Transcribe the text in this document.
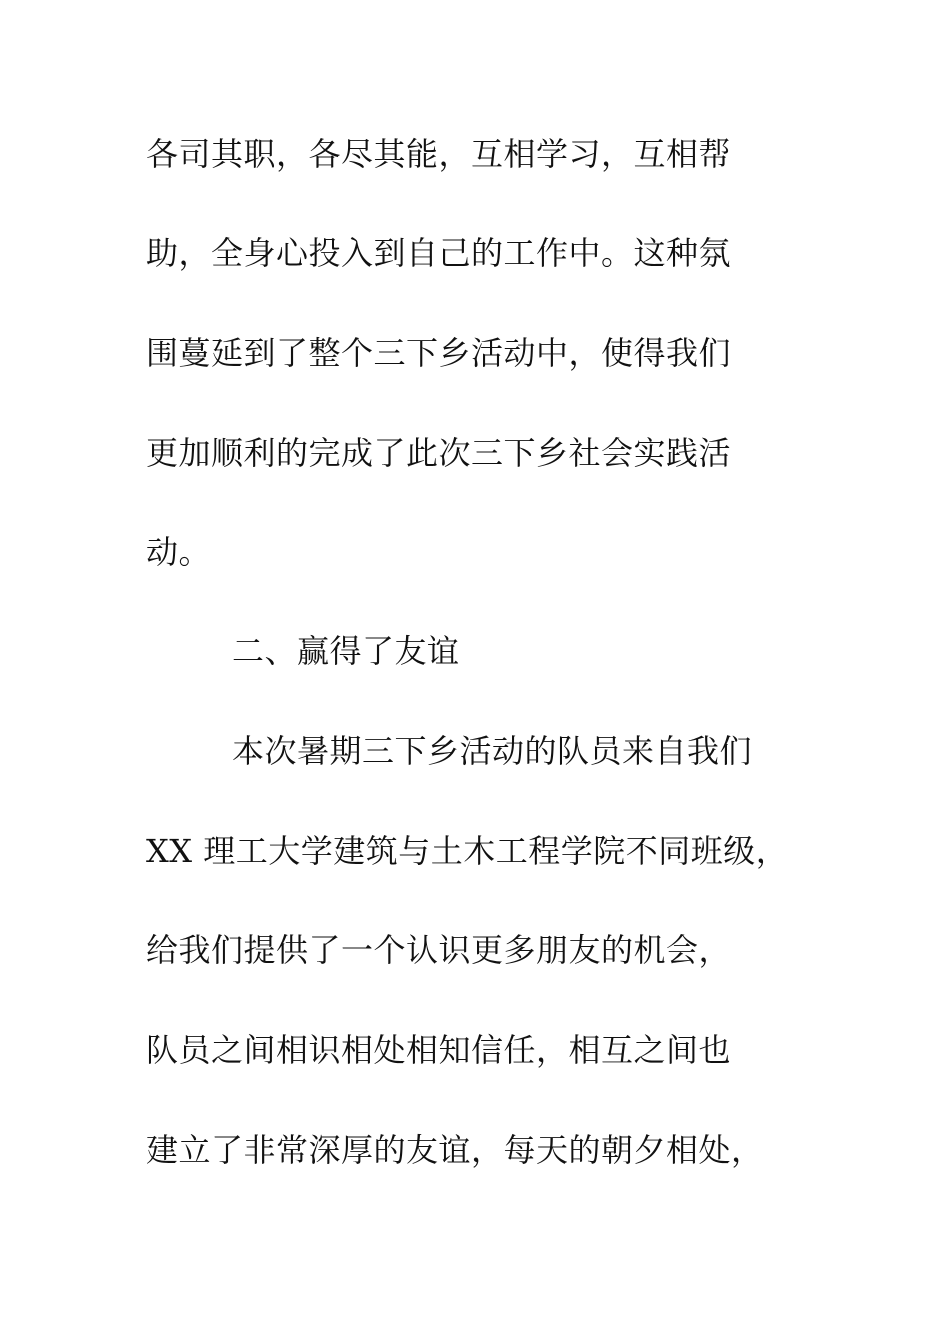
各司其职，各尽其能，互相学习，互相帮
助，全身心投入到自己的工作中。这种氛
围蔓延到了整个三下乡活动中，使得我们
更加顺利的完成了此次三下乡社会实践活
动。
二、赢得了友谊
本次暑期三下乡活动的队员来自我们
XX 理工大学建筑与土木工程学院不同班级，
给我们提供了一个认识更多朋友的机会，
队员之间相识相处相知信任，相互之间也
建立了非常深厚的友谊，每天的朝夕相处，
